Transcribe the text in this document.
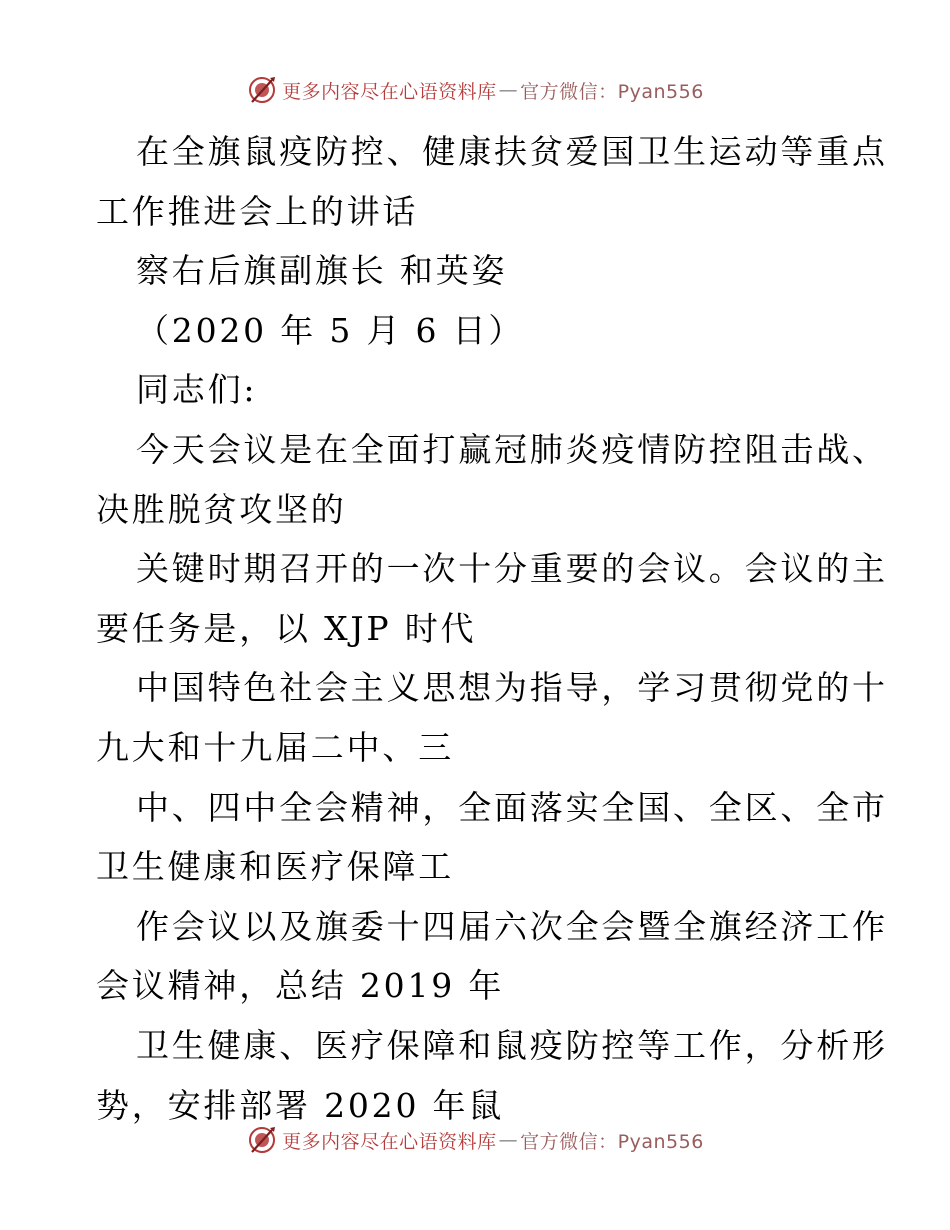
更多内容尽在心语资料库 — 官方微信：Pyan556
在全旗鼠疫防控、健康扶贫爱国卫生运动等重点
工作推进会上的讲话
察右后旗副旗长 和英姿
（2020 年 5 月 6 日）
同志们:
今天会议是在全面打赢冠肺炎疫情防控阻击战、
决胜脱贫攻坚的
关键时期召开的一次十分重要的会议。会议的主
要任务是，以 XJP 时代
中国特色社会主义思想为指导，学习贯彻党的十
九大和十九届二中、三
中、四中全会精神，全面落实全国、全区、全市
卫生健康和医疗保障工
作会议以及旗委十四届六次全会暨全旗经济工作
会议精神，总结 2019 年
卫生健康、医疗保障和鼠疫防控等工作，分析形
势，安排部署 2020 年鼠
更多内容尽在心语资料库 — 官方微信：Pyan556
